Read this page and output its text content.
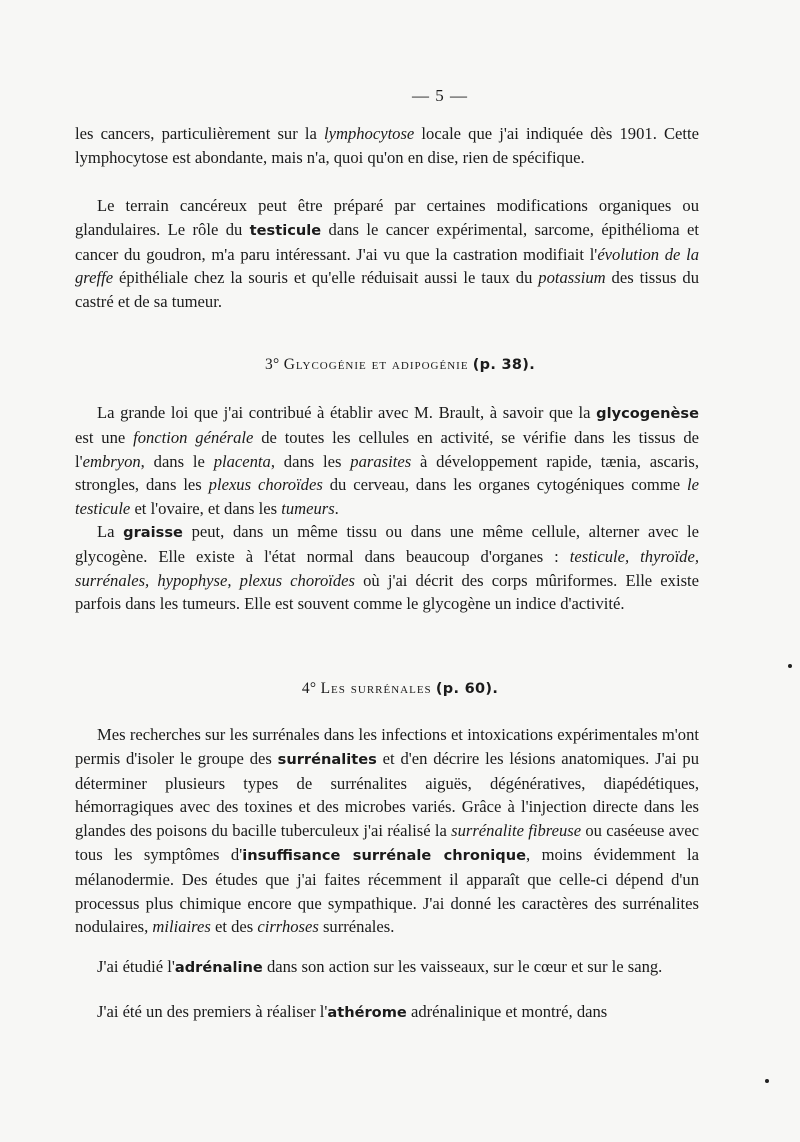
— 5 —

les cancers, particulièrement sur la lymphocytose locale que j'ai indiquée dès 1901. Cette lymphocytose est abondante, mais n'a, quoi qu'on en dise, rien de spécifique.

Le terrain cancéreux peut être préparé par certaines modifications organiques ou glandulaires. Le rôle du testicule dans le cancer expérimental, sarcome, épithélioma et cancer du goudron, m'a paru intéressant. J'ai vu que la castration modifiait l'évolution de la greffe épithéliale chez la souris et qu'elle réduisait aussi le taux du potassium des tissus du castré et de sa tumeur.

3° Glycogénie et adipogénie (p. 38).

La grande loi que j'ai contribué à établir avec M. Brault, à savoir que la glycogenèse est une fonction générale de toutes les cellules en activité, se vérifie dans les tissus de l'embryon, dans le placenta, dans les parasites à développement rapide, tænia, ascaris, strongles, dans les plexus choroïdes du cerveau, dans les organes cytogéniques comme le testicule et l'ovaire, et dans les tumeurs.

La graisse peut, dans un même tissu ou dans une même cellule, alterner avec le glycogène. Elle existe à l'état normal dans beaucoup d'organes : testicule, thyroïde, surrénales, hypophyse, plexus choroïdes où j'ai décrit des corps mûriformes. Elle existe parfois dans les tumeurs. Elle est souvent comme le glycogène un indice d'activité.

4° Les surrénales (p. 60).

Mes recherches sur les surrénales dans les infections et intoxications expérimentales m'ont permis d'isoler le groupe des surrénalites et d'en décrire les lésions anatomiques. J'ai pu déterminer plusieurs types de surrénalites aiguës, dégénératives, diapédétiques, hémorragiques avec des toxines et des microbes variés. Grâce à l'injection directe dans les glandes des poisons du bacille tuberculeux j'ai réalisé la surrénalite fibreuse ou caséeuse avec tous les symptômes d'insuffisance surrénale chronique, moins évidemment la mélanodermie. Des études que j'ai faites récemment il apparaît que celle-ci dépend d'un processus plus chimique encore que sympathique. J'ai donné les caractères des surrénalites nodulaires, miliaires et des cirrhoses surrénales.

J'ai étudié l'adrénaline dans son action sur les vaisseaux, sur le cœur et sur le sang.

J'ai été un des premiers à réaliser l'athérome adrénalinique et montré, dans
